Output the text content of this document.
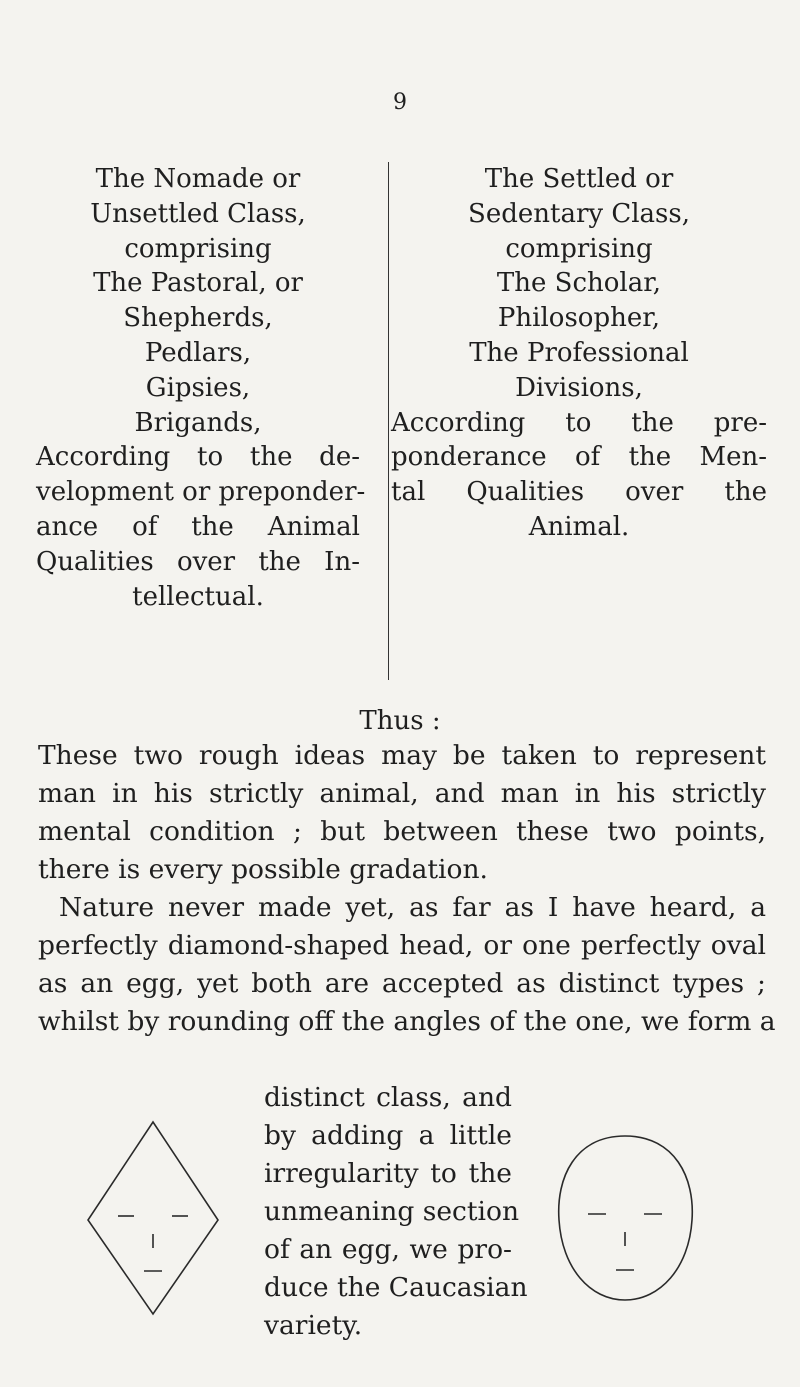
9
The Nomade or
Unsettled Class,
comprising
The Pastoral, or
Shepherds,
Pedlars,
Gipsies,
Brigands,
According to the de-
velopment or preponder-
ance of the Animal
Qualities over the In-
tellectual.
The Settled or
Sedentary Class,
comprising
The Scholar,
Philosopher,
The Professional
Divisions,
According to the pre-
ponderance of the Men-
tal Qualities over the
Animal.
Thus :
These two rough ideas may be taken to represent
man in his strictly animal, and man in his strictly
mental condition ; but between these two points,
there is every possible gradation.
Nature never made yet, as far as I have heard, a
perfectly diamond-shaped head, or one perfectly oval
as an egg, yet both are accepted as distinct types ;
whilst by rounding off the angles of the one, we form a
distinct class, and
by adding a little
irregularity to the
unmeaning section
of an egg, we pro-
duce the Caucasian
variety.
